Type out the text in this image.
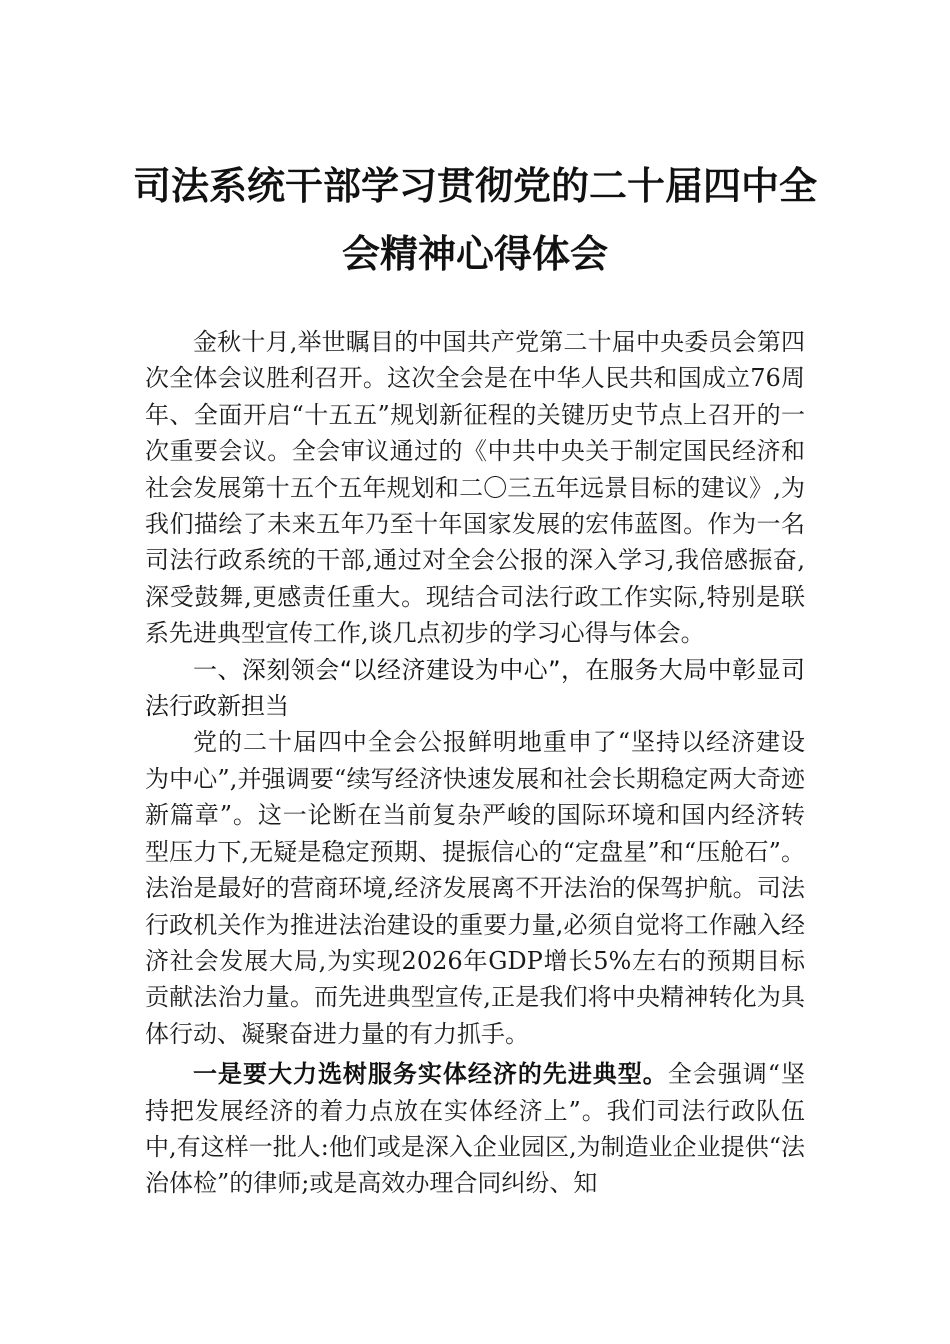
司法系统干部学习贯彻党的二十届四中全
会精神心得体会

金秋十月,举世瞩目的中国共产党第二十届中央委员会第四次全体会议胜利召开。这次全会是在中华人民共和国成立76周年、全面开启“十五五”规划新征程的关键历史节点上召开的一次重要会议。全会审议通过的《中共中央关于制定国民经济和社会发展第十五个五年规划和二〇三五年远景目标的建议》,为我们描绘了未来五年乃至十年国家发展的宏伟蓝图。作为一名司法行政系统的干部,通过对全会公报的深入学习,我倍感振奋,深受鼓舞,更感责任重大。现结合司法行政工作实际,特别是联系先进典型宣传工作,谈几点初步的学习心得与体会。

一、深刻领会“以经济建设为中心”，在服务大局中彰显司法行政新担当

党的二十届四中全会公报鲜明地重申了“坚持以经济建设为中心”,并强调要“续写经济快速发展和社会长期稳定两大奇迹新篇章”。这一论断在当前复杂严峻的国际环境和国内经济转型压力下,无疑是稳定预期、提振信心的“定盘星”和“压舱石”。法治是最好的营商环境,经济发展离不开法治的保驾护航。司法行政机关作为推进法治建设的重要力量,必须自觉将工作融入经济社会发展大局,为实现2026年GDP增长5%左右的预期目标贡献法治力量。而先进典型宣传,正是我们将中央精神转化为具体行动、凝聚奋进力量的有力抓手。

一是要大力选树服务实体经济的先进典型。全会强调“坚持把发展经济的着力点放在实体经济上”。我们司法行政队伍中,有这样一批人:他们或是深入企业园区,为制造业企业提供“法治体检”的律师;或是高效办理合同纠纷、知
